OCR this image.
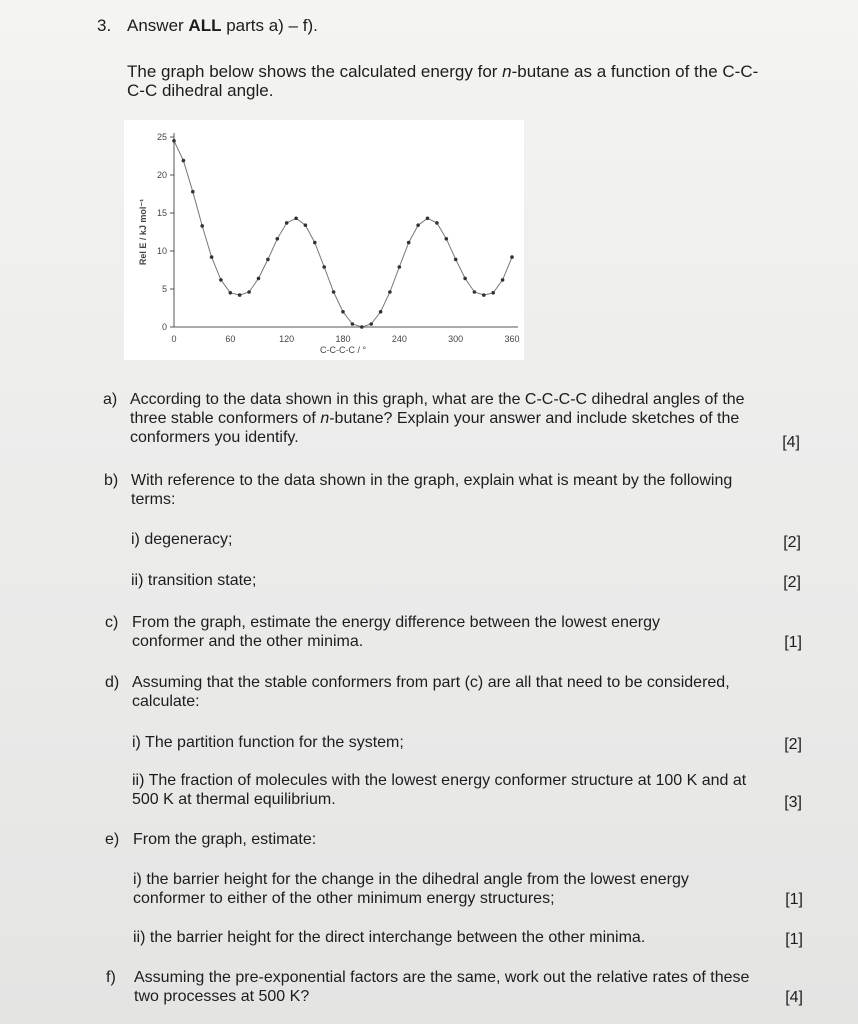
3. Answer ALL parts a) – f).
The graph below shows the calculated energy for n-butane as a function of the C-C-C-C dihedral angle.
0
5
10
15
20
25
0	60	120	180	240	300	360
C-C-C-C / °
Rel E / kJ mol⁻¹
a) According to the data shown in this graph, what are the C-C-C-C dihedral angles of the three stable conformers of n-butane? Explain your answer and include sketches of the conformers you identify.	[4]
b) With reference to the data shown in the graph, explain what is meant by the following terms:
i) degeneracy;	[2]
ii) transition state;	[2]
c) From the graph, estimate the energy difference between the lowest energy conformer and the other minima.	[1]
d) Assuming that the stable conformers from part (c) are all that need to be considered, calculate:
i) The partition function for the system;	[2]
ii) The fraction of molecules with the lowest energy conformer structure at 100 K and at 500 K at thermal equilibrium.	[3]
e) From the graph, estimate:
i) the barrier height for the change in the dihedral angle from the lowest energy conformer to either of the other minimum energy structures;	[1]
ii) the barrier height for the direct interchange between the other minima.	[1]
f) Assuming the pre-exponential factors are the same, work out the relative rates of these two processes at 500 K?	[4]
